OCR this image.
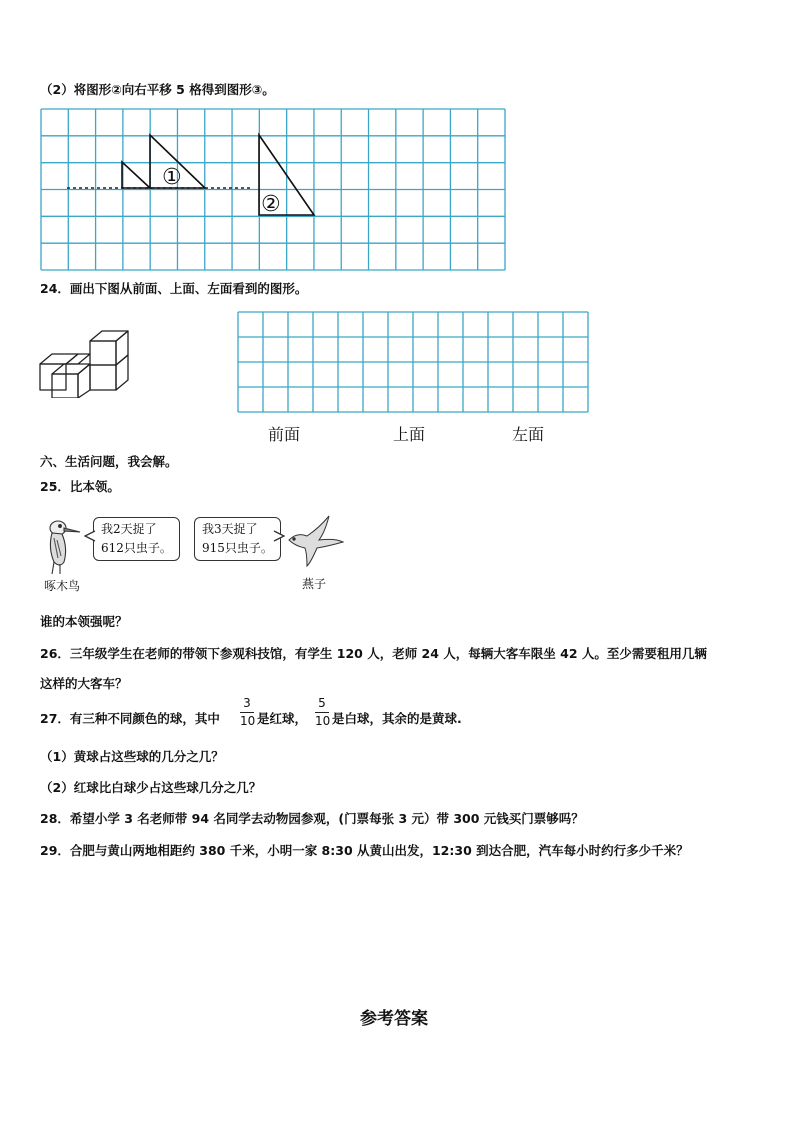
（2）将图形②向右平移 5 格得到图形③。
①
②
24．画出下图从前面、上面、左面看到的图形。
前面	上面	左面
六、生活问题，我会解。
25．比本领。
啄木鸟
我2天捉了
612只虫子。
我3天捉了
915只虫子。
燕子
谁的本领强呢？
26．三年级学生在老师的带领下参观科技馆，有学生 120 人，老师 24 人，每辆大客车限坐 42 人。至少需要租用几辆
这样的大客车？
27．有三种不同颜色的球，其中
3
10 是红球，
5
10 是白球，其余的是黄球.
（1）黄球占这些球的几分之几？
（2）红球比白球少占这些球几分之几？
28．希望小学 3 名老师带 94 名同学去动物园参观，(门票每张 3 元）带 300 元钱买门票够吗？
29．合肥与黄山两地相距约 380 千米，小明一家 8:30 从黄山出发，12:30 到达合肥，汽车每小时约行多少千米？
参考答案
